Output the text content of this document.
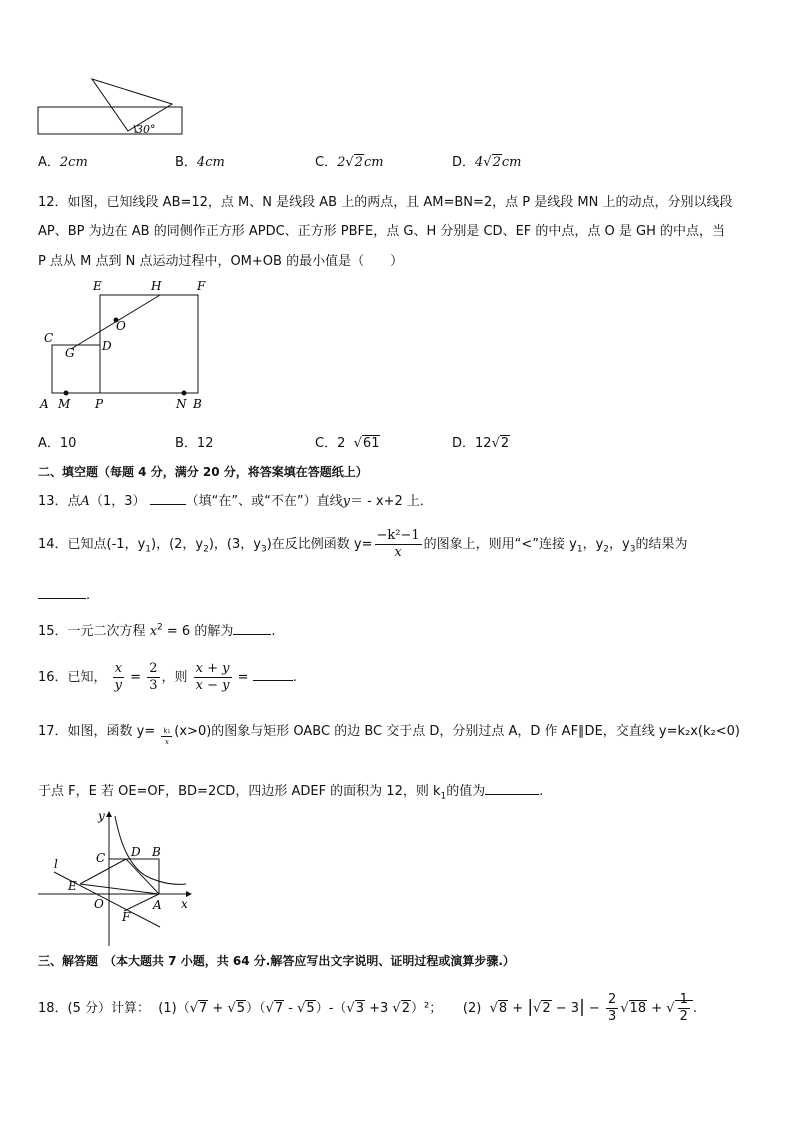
30°
A．2cm	B．4cm	C．2√2cm	D．4√2cm
12．如图，已知线段 AB=12，点 M、N 是线段 AB 上的两点，且 AM=BN=2，点 P 是线段 MN 上的动点，分别以线段
AP、BP 为边在 AB 的同侧作正方形 APDC、正方形 PBFE，点 G、H 分别是 CD、EF 的中点，点 O 是 GH 的中点，当
P 点从 M 点到 N 点运动过程中，OM+OB 的最小值是（　　）
E	H	F
O
C
G D
A M P	N B
A．10	B．12	C．2 √61	D．12√2
二、填空题（每题 4 分，满分 20 分，将答案填在答题纸上）
13．点A（1，3）	（填“在”、或“不在”）直线y＝ - x+2 上．
14．已知点(-1，$y_1$)，(2，$y_2$)，(3，$y_3$)在反比例函数 $y= \frac{\text{−k²−1}}{x}$ 的图象上，则用“<”连接 $y_1$，$y_2$，$y_3$的结果为
.
15．一元二次方程 $x^2 = 6$ 的解为	.
16．已知， $\frac{x}{y} = \frac{2}{3}$ ，则 $\frac{x + y}{x - y}$ =	.
17．如图，函数 $y= \frac{\text{k₁}}{x} (x>0)$的图象与矩形 OABC 的边 BC 交于点 D，分别过点 A，D 作 AF∥DE，交直线 y=k₂x(k₂<0)
于点 F，E 若 OE=OF，BD=2CD，四边形 ADEF 的面积为 12，则 $k_1$的值为	.
y
x
l	C D B
E
O	A
F
三、解答题　（本大题共 7 小题，共 64 分.解答应写出文字说明、证明过程或演算步骤.）
18．(5 分）计算： (1)（√7 + √5）（√7 - √5）-（√3 +3 √2）²； (2) $√8 + |√2 - 3| - \frac{2}{3} √18$ + √ $\frac{1}{2}$ .
